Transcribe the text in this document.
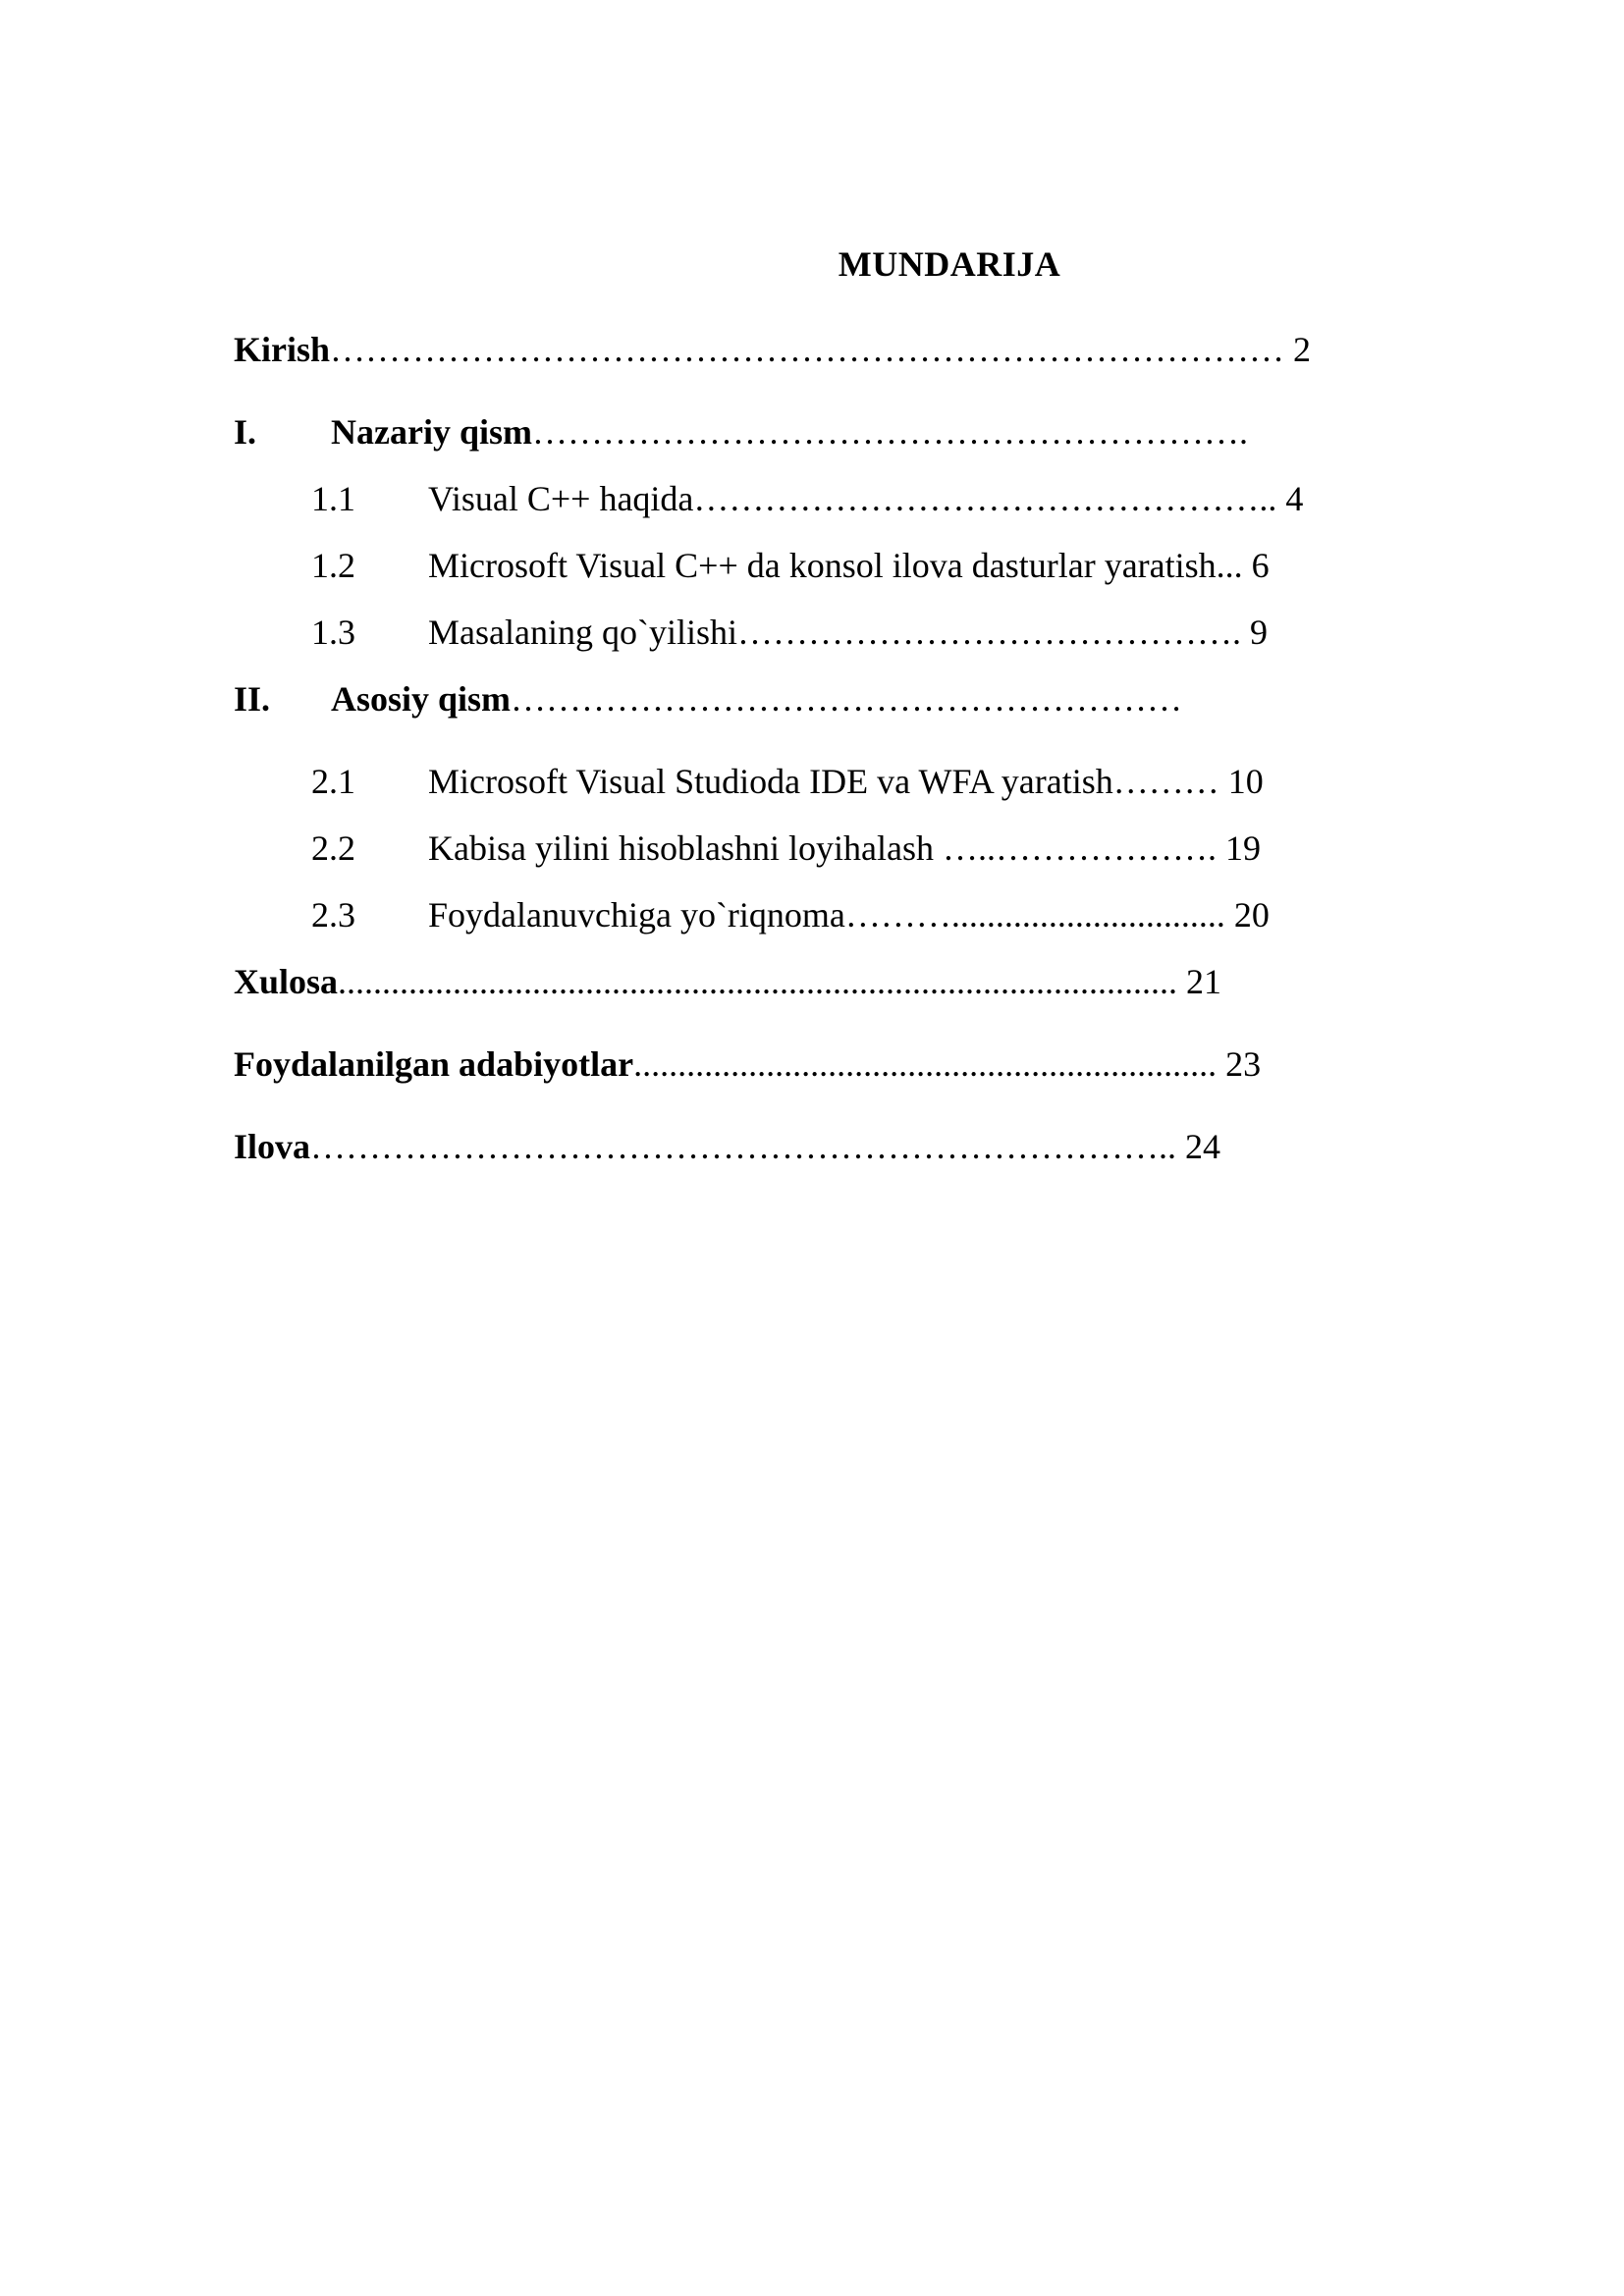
MUNDARIJA
Kirish……………………………………………………………………… 2
I. Nazariy qism…………………………………………………….
1.1 Visual C++ haqida………………………………………….. 4
1.2 Microsoft Visual C++ da konsol ilova dasturlar yaratish... 6
1.3 Masalaning qo`yilishi……………………………………. 9
II. Asosiy qism…………………………………………………
2.1 Microsoft Visual Studioda IDE va WFA yaratish……… 10
2.2 Kabisa yilini hisoblashni loyihalash …..………………. 19
2.3 Foydalanuvchiga yo`riqnoma………............................... 20
Xulosa............................................................................................... 21
Foydalanilgan adabiyotlar.................................................................. 23
Ilova……………………………………………………………….. 24
